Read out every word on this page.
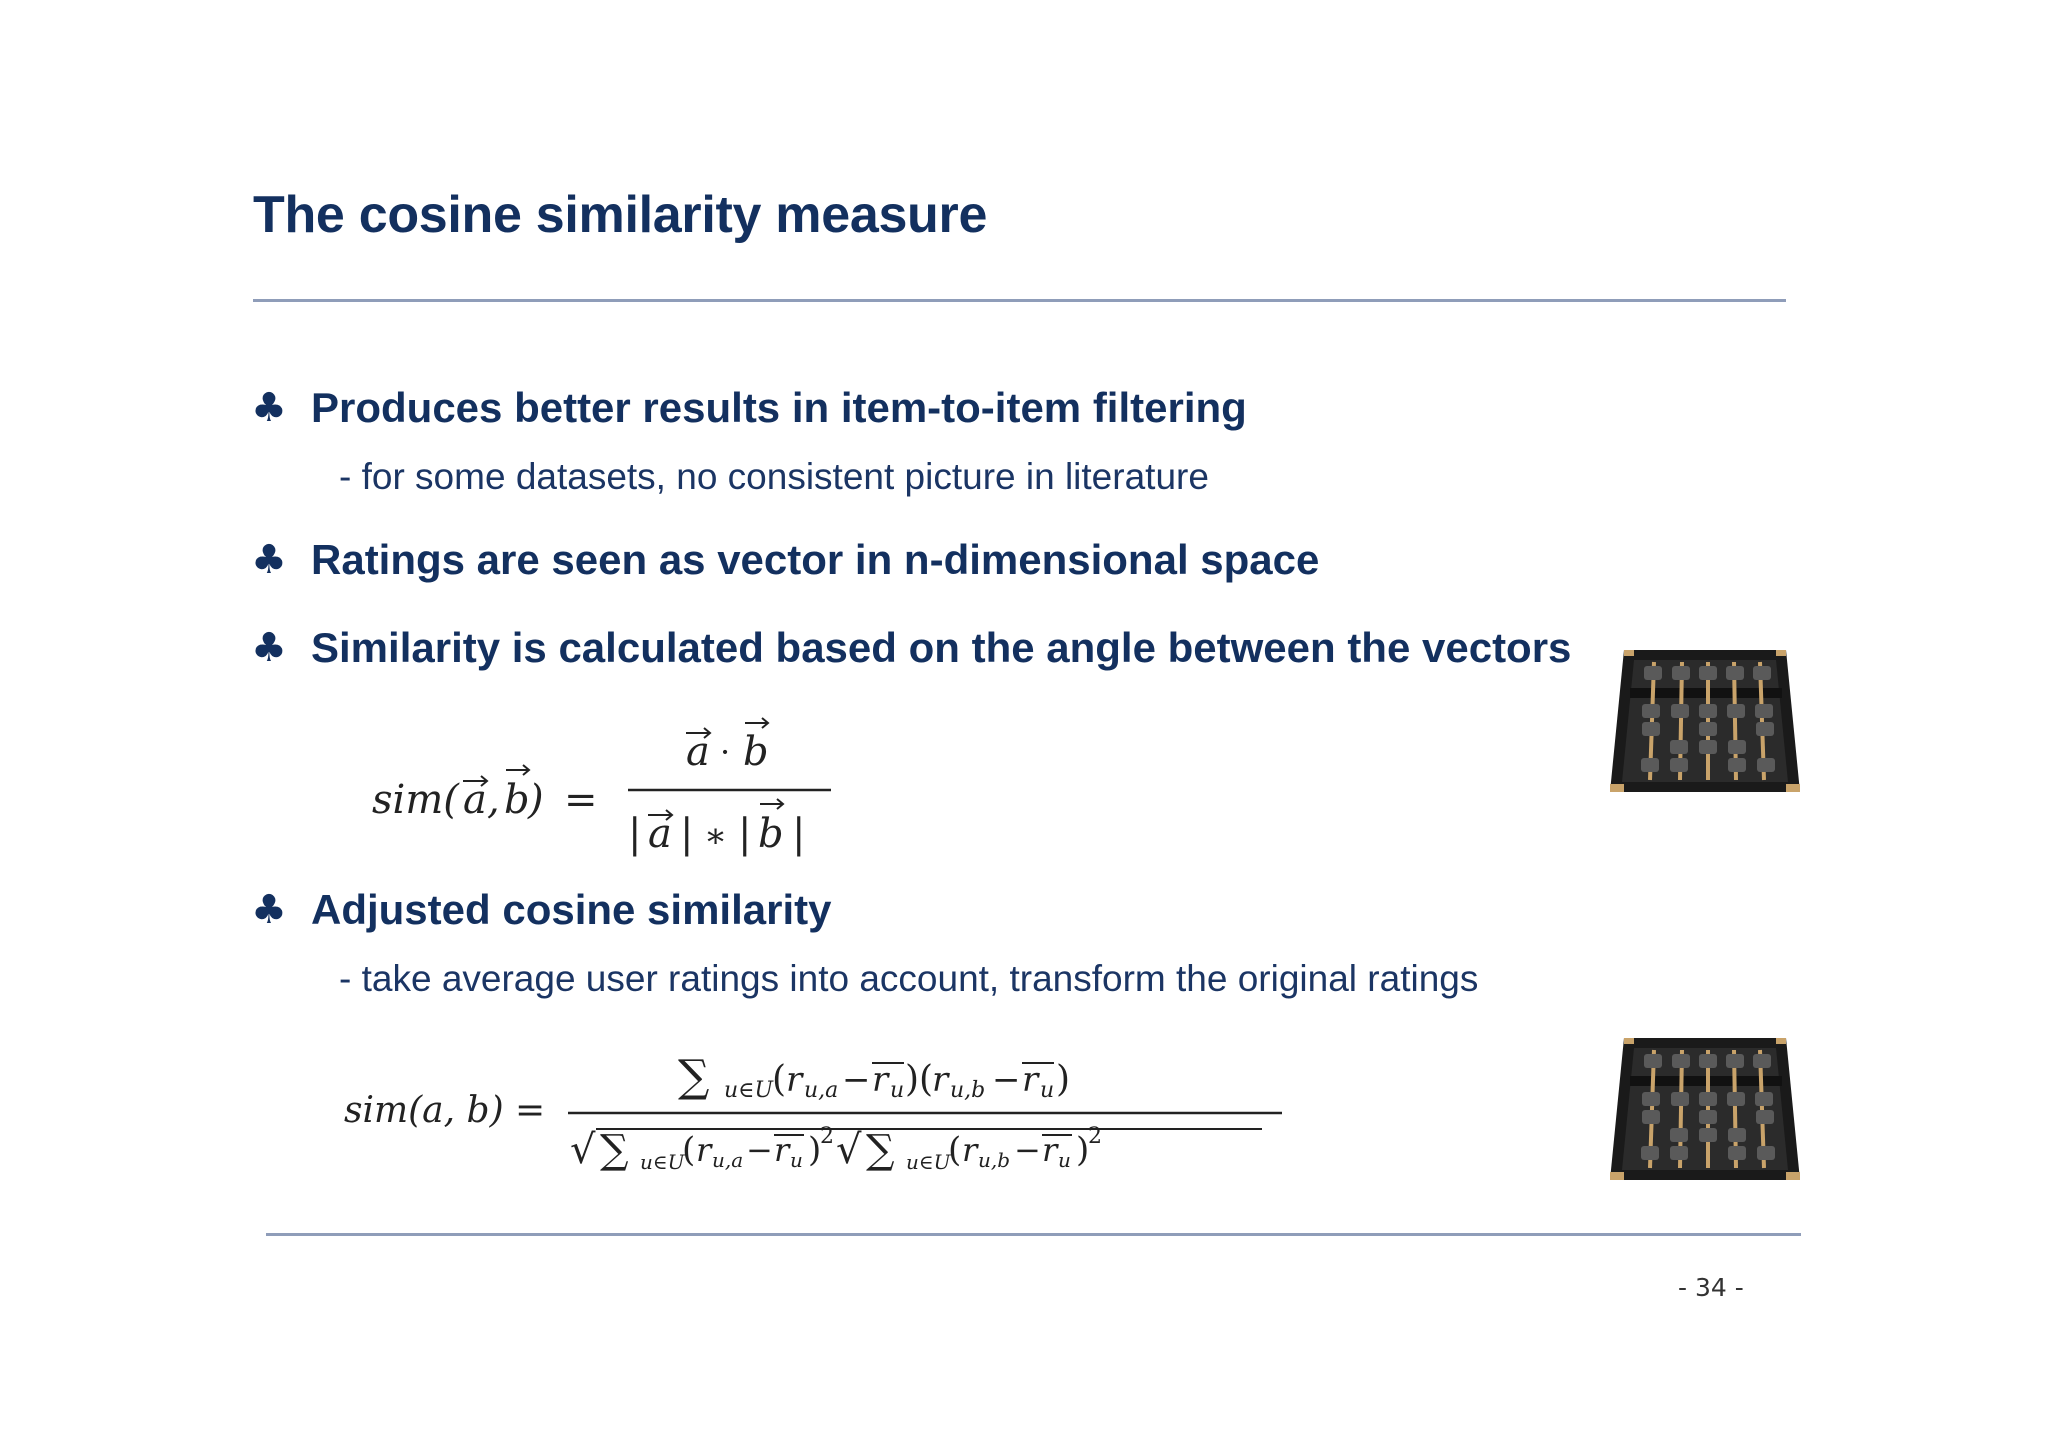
The cosine similarity measure
♣ Produces better results in item-to-item filtering
- for some datasets, no consistent picture in literature
♣ Ratings are seen as vector in n-dimensional space
♣ Similarity is calculated based on the angle between the vectors
sim( a , b
) =
a · b
| a | ∗ | b |
♣ Adjusted cosine similarity
- take average user ratings into account, transform the original ratings
sim(a, b) =
∑ u∈U ( r u,a − r u )(
r u,b − r u )
√ ∑ u∈U
( r u,a − r u )
2 √ ∑ u∈U
( r u,b − r u )
2
- 34 -
